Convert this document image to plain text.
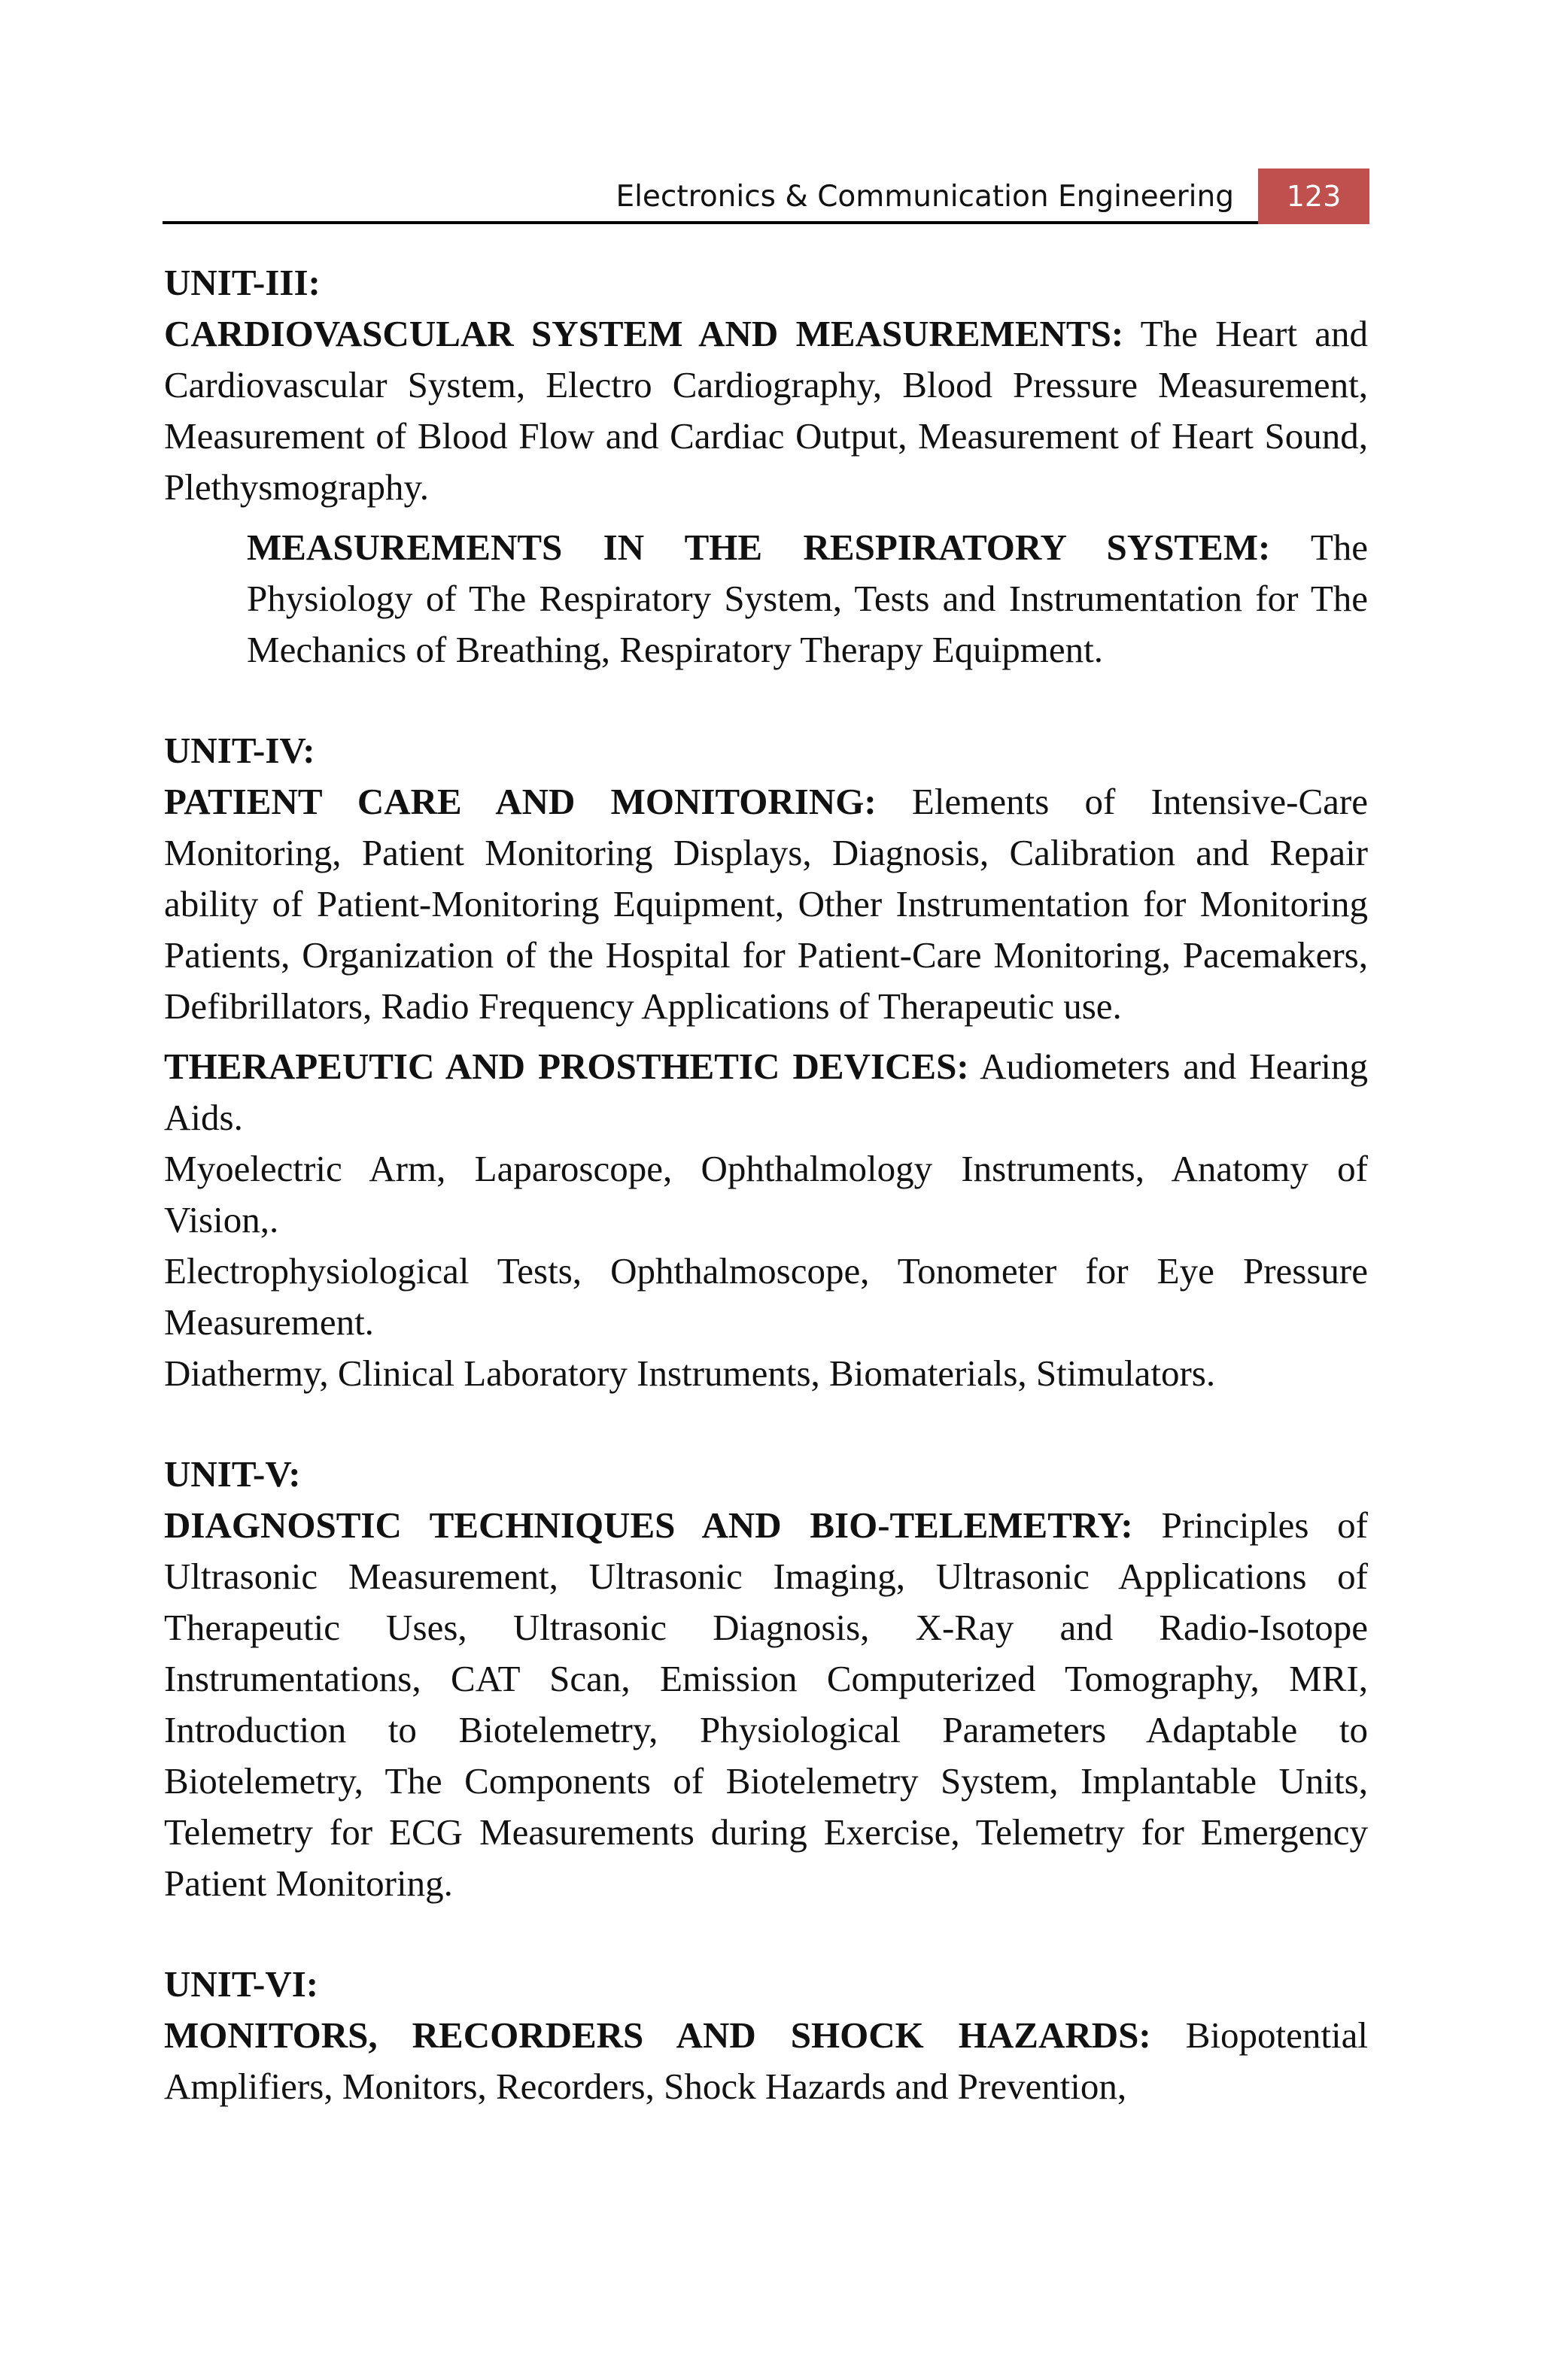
Electronics & Communication Engineering	123
UNIT-III:

CARDIOVASCULAR SYSTEM AND MEASUREMENTS: The Heart and Cardiovascular System, Electro Cardiography, Blood Pressure Measurement, Measurement of Blood Flow and Cardiac Output, Measurement of Heart Sound, Plethysmography.

MEASUREMENTS IN THE RESPIRATORY SYSTEM: The Physiology of The Respiratory System, Tests and Instrumentation for The Mechanics of Breathing, Respiratory Therapy Equipment.

UNIT-IV:

PATIENT CARE AND MONITORING: Elements of Intensive-Care Monitoring, Patient Monitoring Displays, Diagnosis, Calibration and Repair ability of Patient-Monitoring Equipment, Other Instrumentation for Monitoring Patients, Organization of the Hospital for Patient-Care Monitoring, Pacemakers, Defibrillators, Radio Frequency Applications of Therapeutic use.

THERAPEUTIC AND PROSTHETIC DEVICES: Audiometers and Hearing Aids.

Myoelectric Arm, Laparoscope, Ophthalmology Instruments, Anatomy of Vision,.

Electrophysiological Tests, Ophthalmoscope, Tonometer for Eye Pressure Measurement.

Diathermy, Clinical Laboratory Instruments, Biomaterials, Stimulators.

UNIT-V:

DIAGNOSTIC TECHNIQUES AND BIO-TELEMETRY: Principles of Ultrasonic Measurement, Ultrasonic Imaging, Ultrasonic Applications of Therapeutic Uses, Ultrasonic Diagnosis, X-Ray and Radio-Isotope Instrumentations, CAT Scan, Emission Computerized Tomography, MRI, Introduction to Biotelemetry, Physiological Parameters Adaptable to Biotelemetry, The Components of Biotelemetry System, Implantable Units, Telemetry for ECG Measurements during Exercise, Telemetry for Emergency Patient Monitoring.

UNIT-VI:

MONITORS, RECORDERS AND SHOCK HAZARDS: Biopotential Amplifiers, Monitors, Recorders, Shock Hazards and Prevention,
